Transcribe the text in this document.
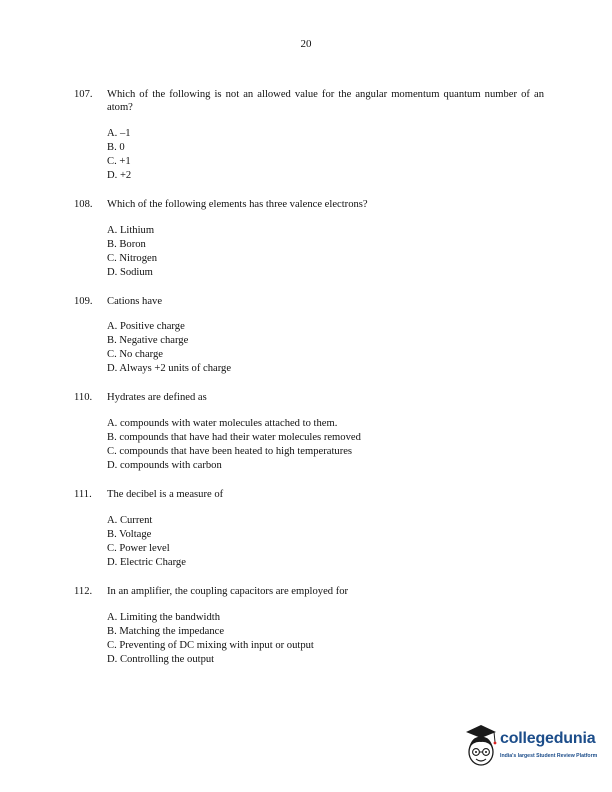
20
107. Which of the following is not an allowed value for the angular momentum quantum number of an atom?
A. –1
B. 0
C. +1
D. +2
108. Which of the following elements has three valence electrons?
A. Lithium
B. Boron
C. Nitrogen
D. Sodium
109. Cations have
A. Positive charge
B. Negative charge
C. No charge
D. Always +2 units of charge
110. Hydrates are defined as
A. compounds with water molecules attached to them.
B. compounds that have had their water molecules removed
C. compounds that have been heated to high temperatures
D. compounds with carbon
111. The decibel is a measure of
A. Current
B. Voltage
C. Power level
D. Electric Charge
112. In an amplifier, the coupling capacitors are employed for
A. Limiting the bandwidth
B. Matching the impedance
C. Preventing of DC mixing with input or output
D. Controlling the output
collegedunia
India's largest Student Review Platform
